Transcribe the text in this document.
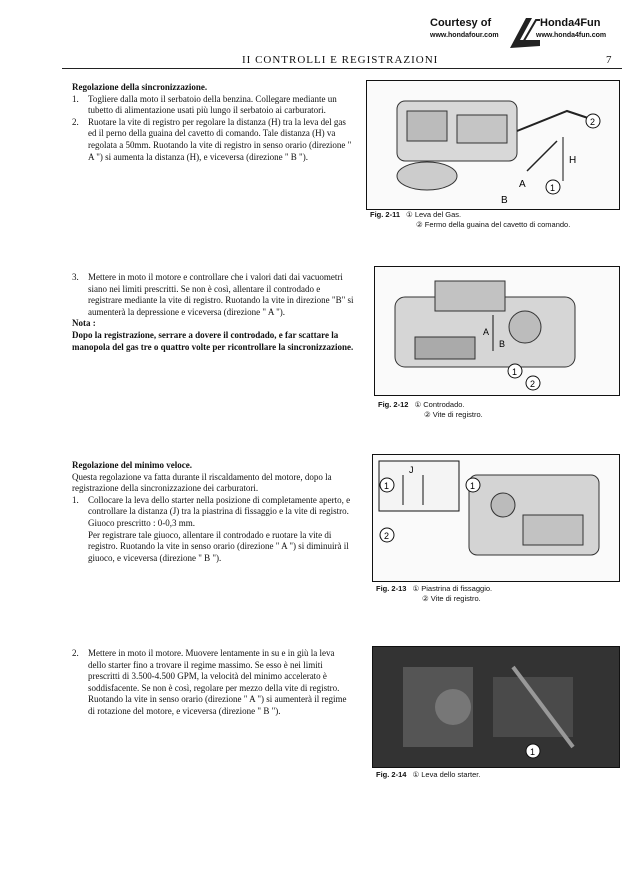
Courtesy of	Honda4Fun
www.hondafour.com	www.honda4fun.com
II CONTROLLI E REGISTRAZIONI	7

Regolazione della sincronizzazione.

1.	Togliere dalla moto il serbatoio della benzina. Collegare mediante un tubetto di alimentazione usati più lungo il serbatoio ai carburatori.
2.	Ruotare la vite di registro per regolare la distanza (H) tra la leva del gas ed il perno della guaina del cavetto di comando. Tale distanza (H) va regolata a 50mm. Ruotando la vite di registro in senso orario (direzione " A ") si aumenta la distanza (H), e viceversa (direzione " B ").
2
1
H
A
B
Fig. 2-11 ① Leva del Gas.
② Fermo della guaina del cavetto di comando.
3.	Mettere in moto il motore e controllare che i valori dati dai vacuometri siano nei limiti prescritti. Se non è così, allentare il controdado e registrare mediante la vite di registro. Ruotando la vite in direzione "B" si aumenterà la depressione e viceversa (direzione " A ").

Nota :

Dopo la registrazione, serrare a dovere il controdado, e far scattare la manopola del gas tre o quattro volte per ricontrollare la sincronizzazione.

A
B
1
2
Fig. 2-12 ① Controdado.
② Vite di registro.

Regolazione del minimo veloce.

Questa regolazione va fatta durante il riscaldamento del motore, dopo la registrazione della sincronizzazione dei carburatori.

1.	Collocare la leva dello starter nella posizione di completamente aperto, e controllare la distanza (J) tra la piastrina di fissaggio e la vite di registro.

Giuoco prescritto : 0-0,3 mm.

Per registrare tale giuoco, allentare il controdado e ruotare la vite di registro. Ruotando la vite in senso orario (direzione " A ") si diminuirà il giuoco, e viceversa (direzione " B ").

J
1
2
1
Fig. 2-13 ① Piastrina di fissaggio.
② Vite di registro.
2.	Mettere in moto il motore. Muovere lentamente in su e in giù la leva dello starter fino a trovare il regime massimo. Se esso è nei limiti prescritti di 3.500-4.500 GPM, la velocità del minimo accelerato è soddisfacente. Se non è così, regolare per mezzo della vite di registro. Ruotando la vite in senso orario (direzione " A ") si aumenterà il regime di rotazione del motore, e viceversa (direzione " B ").
1
Fig. 2-14 ① Leva dello starter.
